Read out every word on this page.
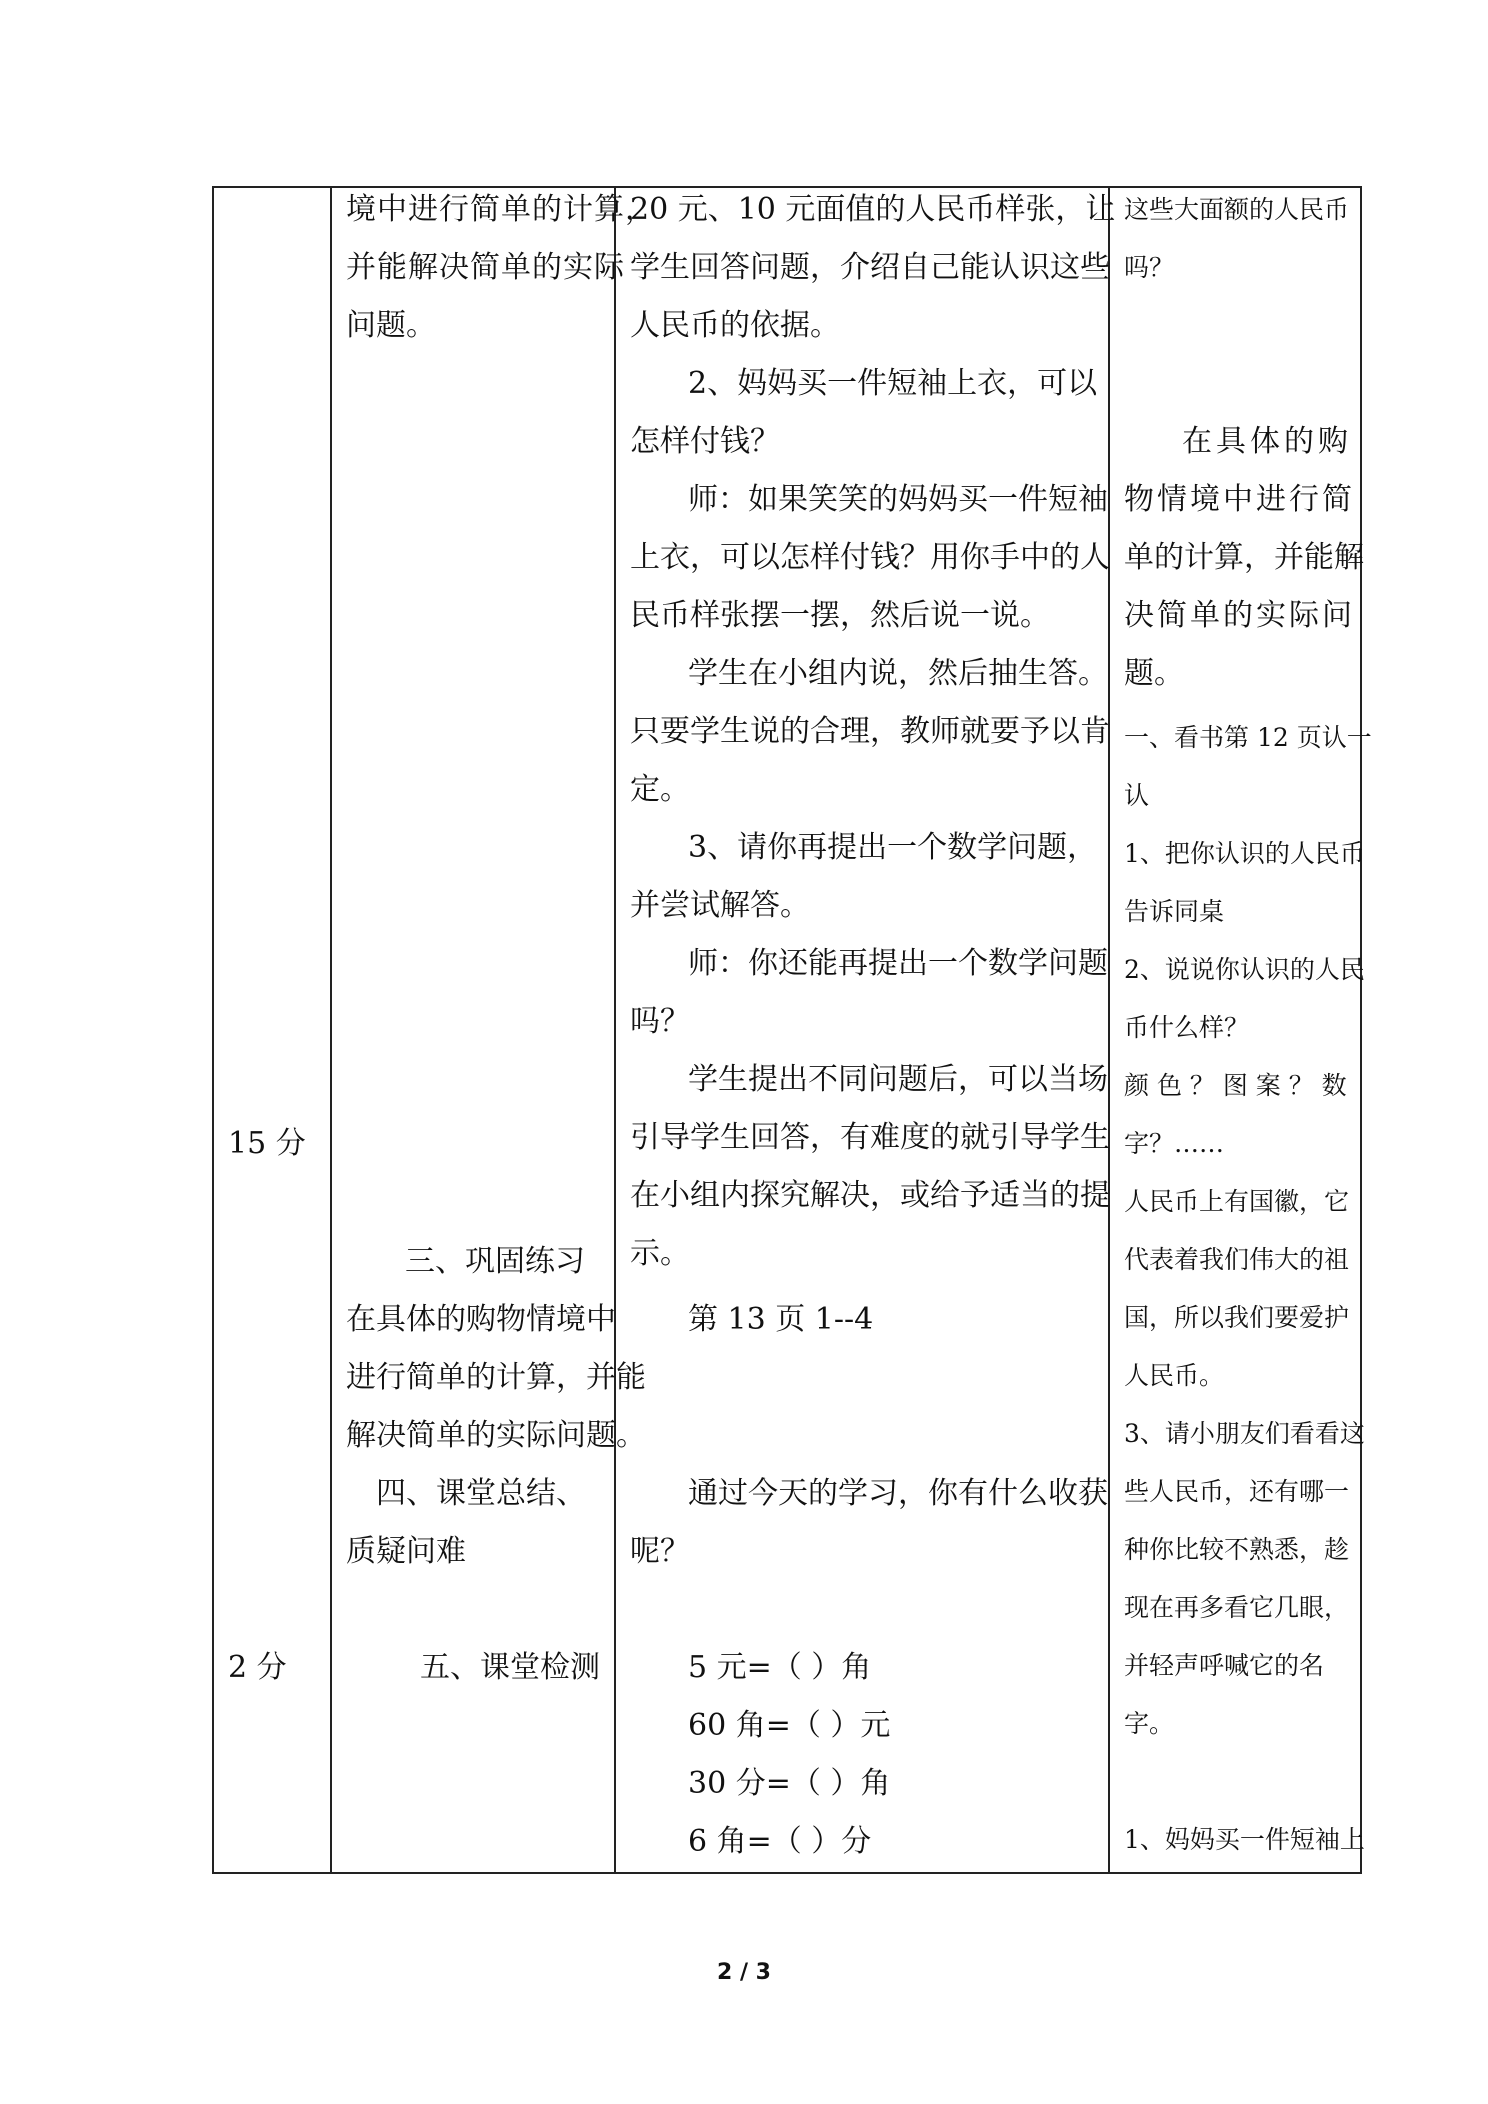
15 分
2 分
境中进行简单的计算，
并能解决简单的实际
问题。
三、巩固练习
在具体的购物情境中
进行简单的计算，并能
解决简单的实际问题。
四、课堂总结、
质疑问难
五、课堂检测
20 元、10 元面值的人民币样张，让
学生回答问题，介绍自己能认识这些
人民币的依据。
2、妈妈买一件短袖上衣，可以
怎样付钱？
师：如果笑笑的妈妈买一件短袖
上衣，可以怎样付钱？用你手中的人
民币样张摆一摆，然后说一说。
学生在小组内说，然后抽生答。
只要学生说的合理，教师就要予以肯
定。
3、请你再提出一个数学问题，
并尝试解答。
师：你还能再提出一个数学问题
吗？
学生提出不同问题后，可以当场
引导学生回答，有难度的就引导学生
在小组内探究解决，或给予适当的提
示。
第 13 页 1--4
通过今天的学习，你有什么收获
呢？
5 元=（ ）角
60 角=（ ）元
30 分=（ ）角
6 角=（ ）分
这些大面额的人民币
吗？
在具体的购
物情境中进行简
单的计算，并能解
决简单的实际问
题。
一、看书第 12 页认一
认
1、把你认识的人民币
告诉同桌
2、说说你认识的人民
币什么样？
颜 色 ？ 图 案 ？ 数
字？……
人民币上有国徽，它
代表着我们伟大的祖
国，所以我们要爱护
人民币。
3、请小朋友们看看这
些人民币，还有哪一
种你比较不熟悉，趁
现在再多看它几眼，
并轻声呼喊它的名
字。
1、妈妈买一件短袖上
2 / 3
